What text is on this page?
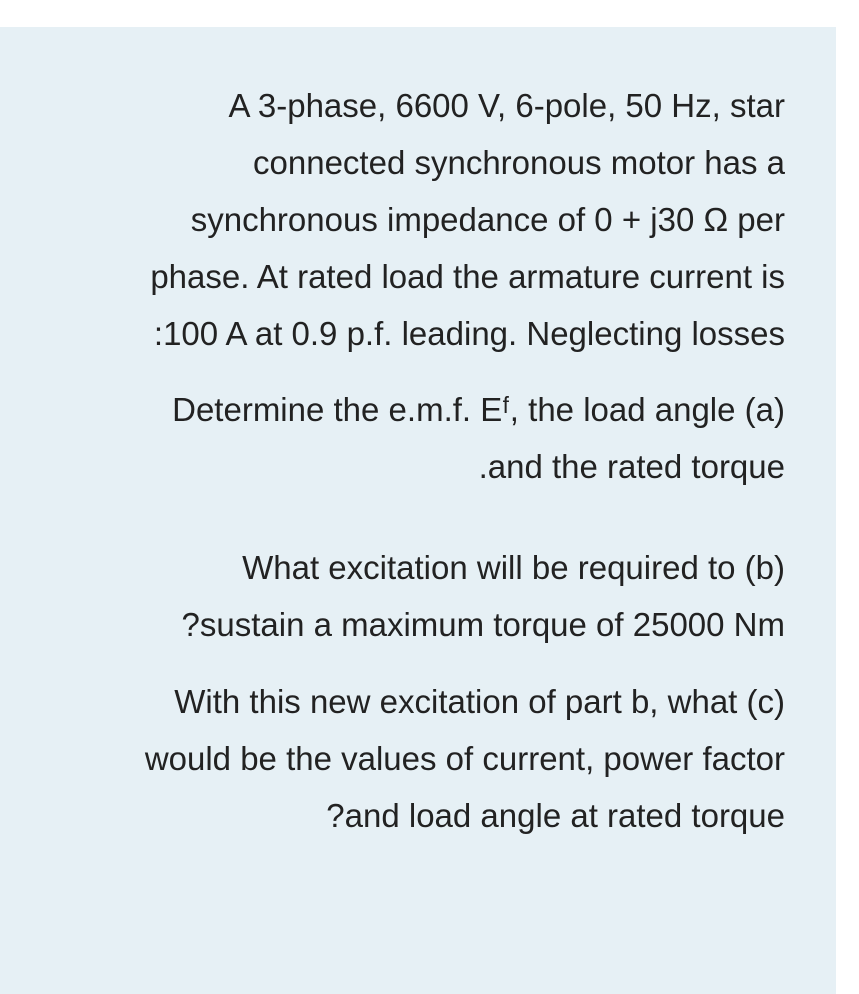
A 3-phase, 6600 V, 6-pole, 50 Hz, star
connected synchronous motor has a
synchronous impedance of 0 + j30 Ω per
phase. At rated load the armature current is
:100 A at 0.9 p.f. leading. Neglecting losses
Determine the e.m.f. Eᶠ, the load angle (a)
.and the rated torque
What excitation will be required to (b)
?sustain a maximum torque of 25000 Nm
With this new excitation of part b, what (c)
would be the values of current, power factor
?and load angle at rated torque
